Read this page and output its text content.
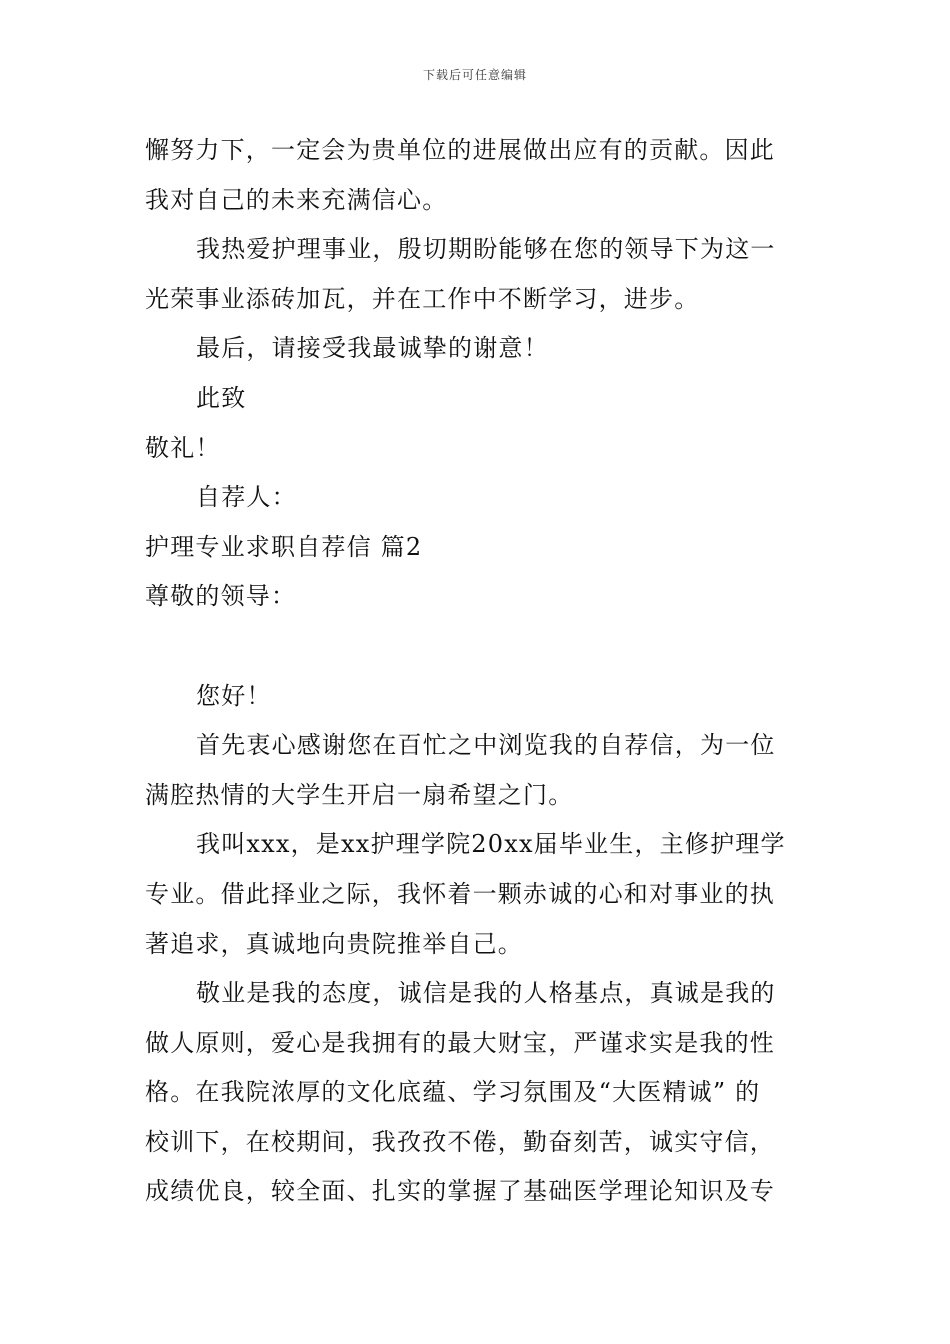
下载后可任意编辑
懈努力下，一定会为贵单位的进展做出应有的贡献。因此
我对自己的未来充满信心。
我热爱护理事业，殷切期盼能够在您的领导下为这一
光荣事业添砖加瓦，并在工作中不断学习，进步。
最后，请接受我最诚挚的谢意！
此致
敬礼！
自荐人：
护理专业求职自荐信 篇2
尊敬的领导：
您好！
首先衷心感谢您在百忙之中浏览我的自荐信，为一位
满腔热情的大学生开启一扇希望之门。
我叫xxx，是xx护理学院20xx届毕业生，主修护理学
专业。借此择业之际，我怀着一颗赤诚的心和对事业的执
著追求，真诚地向贵院推举自己。
敬业是我的态度，诚信是我的人格基点，真诚是我的
做人原则，爱心是我拥有的最大财宝，严谨求实是我的性
格。在我院浓厚的文化底蕴、学习氛围及“大医精诚” 的
校训下，在校期间，我孜孜不倦，勤奋刻苦，诚实守信，
成绩优良，较全面、扎实的掌握了基础医学理论知识及专
